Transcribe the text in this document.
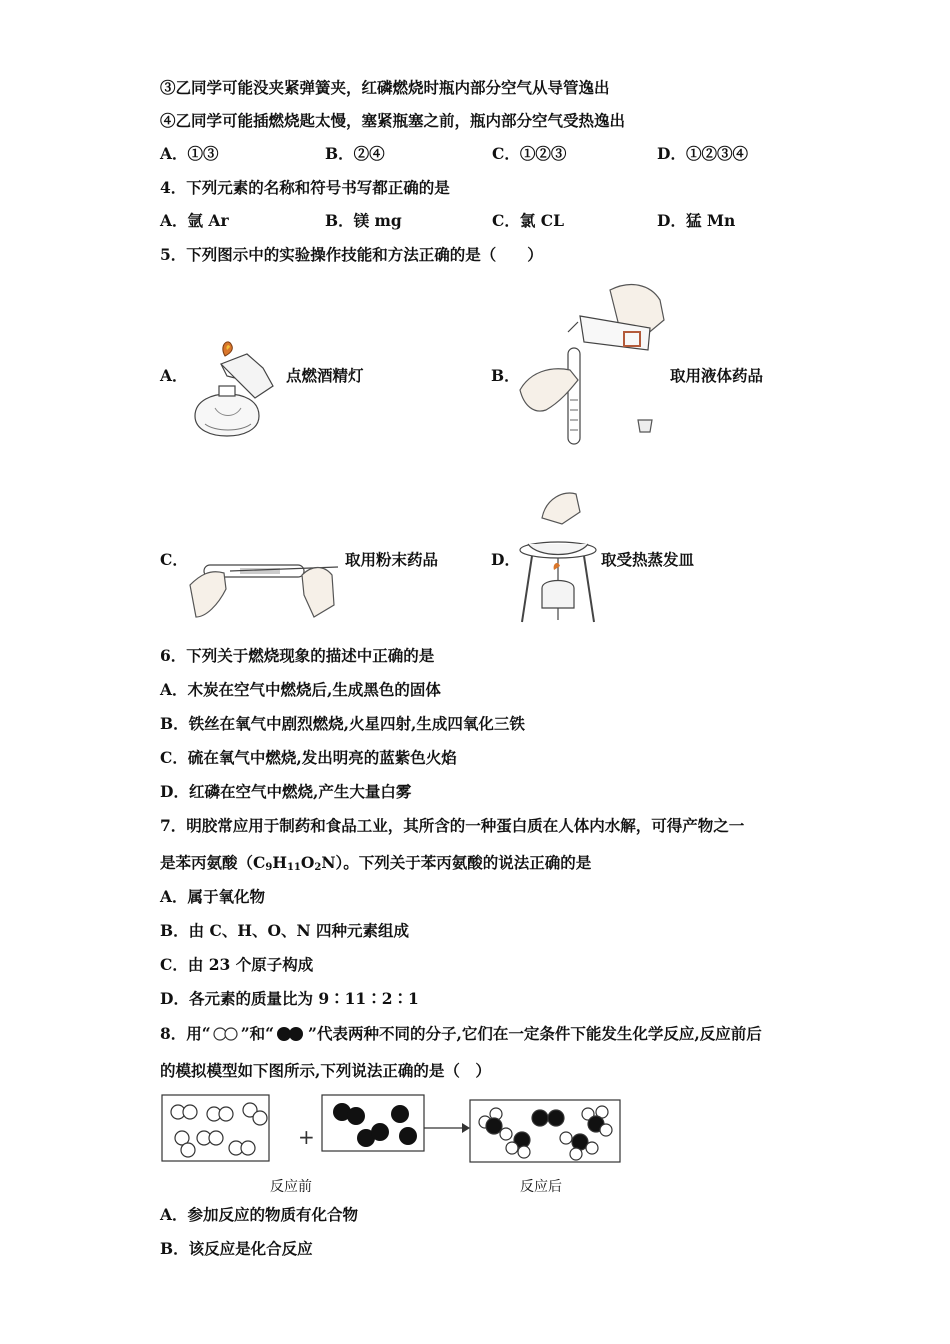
③乙同学可能没夹紧弹簧夹，红磷燃烧时瓶内部分空气从导管逸出
④乙同学可能插燃烧匙太慢，塞紧瓶塞之前，瓶内部分空气受热逸出
A．①③	B．②④	C．①②③	D．①②③④
4．下列元素的名称和符号书写都正确的是
A．氩 Ar	B．镁 mg	C．氯 CL	D．猛 Mn
5．下列图示中的实验操作技能和方法正确的是（　　）
A．	点燃酒精灯	B．	取用液体药品
C．	取用粉末药品	D．	取受热蒸发皿
6．下列关于燃烧现象的描述中正确的是
A．木炭在空气中燃烧后,生成黑色的固体
B．铁丝在氧气中剧烈燃烧,火星四射,生成四氧化三铁
C．硫在氧气中燃烧,发出明亮的蓝紫色火焰
D．红磷在空气中燃烧,产生大量白雾
7．明胶常应用于制药和食品工业，其所含的一种蛋白质在人体内水解，可得产物之一
是苯丙氨酸$(C_9H_{11}O_2N)$。下列关于苯丙氨酸的说法正确的是
A．属于氧化物
B．由 C、H、O、N 四种元素组成
C．由 23 个原子构成
D．各元素的质量比为 9∶11∶2∶1
8．用“ ”和“ ”代表两种不同的分子,它们在一定条件下能发生化学反应,反应前后
的模拟模型如下图所示,下列说法正确的是（　）
+
反应前	反应后
A．参加反应的物质有化合物
B．该反应是化合反应
